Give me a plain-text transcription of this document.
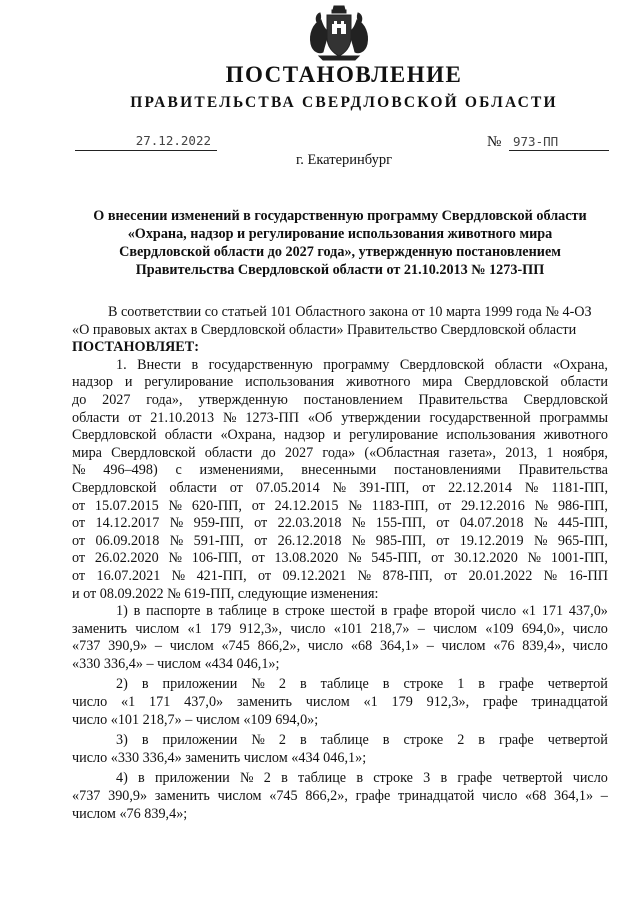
ПОСТАНОВЛЕНИЕ
ПРАВИТЕЛЬСТВА СВЕРДЛОВСКОЙ ОБЛАСТИ
27.12.2022	№ 973-ПП
г. Екатеринбург
О внесении изменений в государственную программу Свердловской области
«Охрана, надзор и регулирование использования животного мира
Свердловской области до 2027 года», утвержденную постановлением
Правительства Свердловской области от 21.10.2013 № 1273-ПП
В соответствии со статьей 101 Областного закона от 10 марта 1999 года № 4-ОЗ
«О правовых актах в Свердловской области» Правительство Свердловской области
ПОСТАНОВЛЯЕТ:
1. Внести в государственную программу Свердловской области «Охрана,
надзор и регулирование использования животного мира Свердловской области
до 2027 года», утвержденную постановлением Правительства Свердловской
области от 21.10.2013 № 1273-ПП «Об утверждении государственной программы
Свердловской области «Охрана, надзор и регулирование использования животного
мира Свердловской области до 2027 года» («Областная газета», 2013, 1 ноября,
№ 496–498) с изменениями, внесенными постановлениями Правительства
Свердловской области от 07.05.2014 № 391-ПП, от 22.12.2014 № 1181-ПП,
от 15.07.2015 № 620-ПП, от 24.12.2015 № 1183-ПП, от 29.12.2016 № 986-ПП,
от 14.12.2017 № 959-ПП, от 22.03.2018 № 155-ПП, от 04.07.2018 № 445-ПП,
от 06.09.2018 № 591-ПП, от 26.12.2018 № 985-ПП, от 19.12.2019 № 965-ПП,
от 26.02.2020 № 106-ПП, от 13.08.2020 № 545-ПП, от 30.12.2020 № 1001-ПП,
от 16.07.2021 № 421-ПП, от 09.12.2021 № 878-ПП, от 20.01.2022 № 16-ПП
и от 08.09.2022 № 619-ПП, следующие изменения:
1) в паспорте в таблице в строке шестой в графе второй число «1 171 437,0»
заменить числом «1 179 912,3», число «101 218,7» – числом «109 694,0», число
«737 390,9» – числом «745 866,2», число «68 364,1» – числом «76 839,4», число
«330 336,4» – числом «434 046,1»;
2) в приложении № 2 в таблице в строке 1 в графе четвертой
число «1 171 437,0» заменить числом «1 179 912,3», графе тринадцатой
число «101 218,7» – числом «109 694,0»;
3) в приложении № 2 в таблице в строке 2 в графе четвертой
число «330 336,4» заменить числом «434 046,1»;
4) в приложении № 2 в таблице в строке 3 в графе четвертой число
«737 390,9» заменить числом «745 866,2», графе тринадцатой число «68 364,1» –
числом «76 839,4»;
